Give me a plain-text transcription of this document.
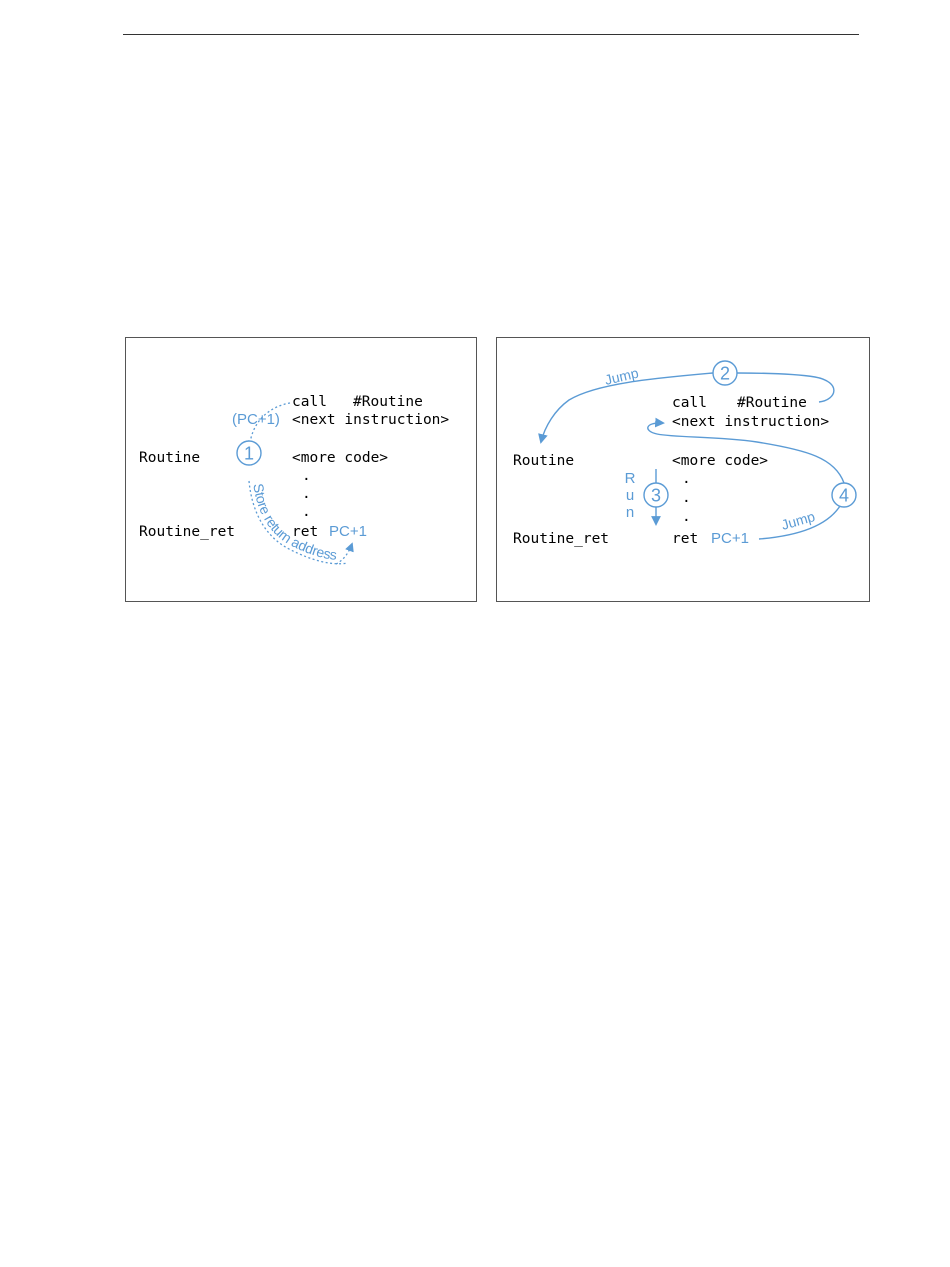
call #Routine
<next instruction>
Routine	<more code>
.
.
.
Routine_ret	ret
(PC+1)
PC+1
1
Store return address
call #Routine
<next instruction>
Routine	<more code>
.
.
.
Routine_ret	ret
Jump	2
3
R
u
n
PC+1
Jump
4
